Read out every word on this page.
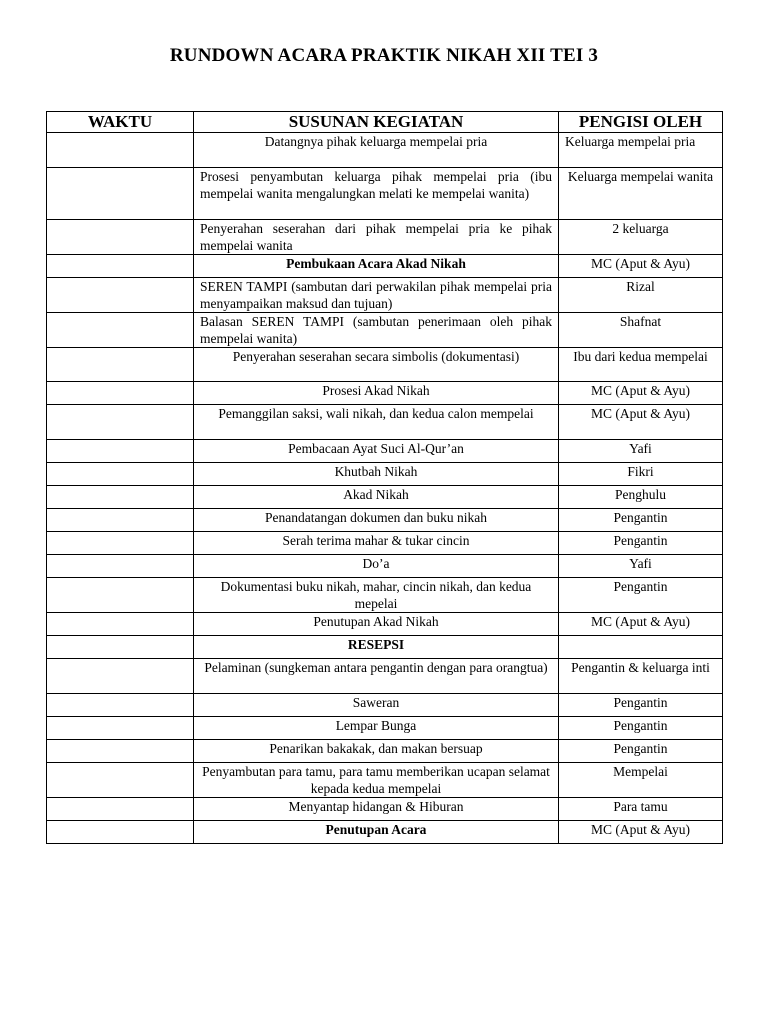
RUNDOWN ACARA PRAKTIK NIKAH XII TEI 3
WAKTU	SUSUNAN KEGIATAN	PENGISI OLEH
	Datangnya pihak keluarga mempelai pria	Keluarga mempelai pria
	Prosesi penyambutan keluarga pihak mempelai pria (ibu mempelai wanita mengalungkan melati ke mempelai wanita)	Keluarga mempelai wanita
	Penyerahan seserahan dari pihak mempelai pria ke pihak mempelai wanita	2 keluarga
	Pembukaan Acara Akad Nikah	MC (Aput & Ayu)
	SEREN TAMPI (sambutan dari perwakilan pihak mempelai pria menyampaikan maksud dan tujuan)	Rizal
	Balasan SEREN TAMPI (sambutan penerimaan oleh pihak mempelai wanita)	Shafnat
	Penyerahan seserahan secara simbolis (dokumentasi)	Ibu dari kedua mempelai
	Prosesi Akad Nikah	MC (Aput & Ayu)
	Pemanggilan saksi, wali nikah, dan kedua calon mempelai	MC (Aput & Ayu)
	Pembacaan Ayat Suci Al-Qur’an	Yafi
	Khutbah Nikah	Fikri
	Akad Nikah	Penghulu
	Penandatangan dokumen dan buku nikah	Pengantin
	Serah terima mahar & tukar cincin	Pengantin
	Do’a	Yafi
	Dokumentasi buku nikah, mahar, cincin nikah, dan kedua mepelai	Pengantin
	Penutupan Akad Nikah	MC (Aput & Ayu)
	RESEPSI	
	Pelaminan (sungkeman antara pengantin dengan para orangtua)	Pengantin & keluarga inti
	Saweran	Pengantin
	Lempar Bunga	Pengantin
	Penarikan bakakak, dan makan bersuap	Pengantin
	Penyambutan para tamu, para tamu memberikan ucapan selamat kepada kedua mempelai	Mempelai
	Menyantap hidangan & Hiburan	Para tamu
	Penutupan Acara	MC (Aput & Ayu)
